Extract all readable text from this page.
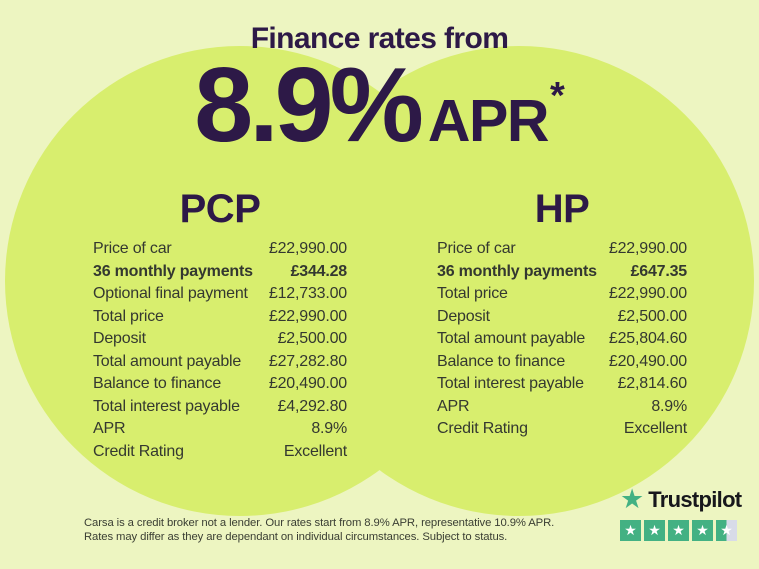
Finance rates from
8.9% APR *
PCP
Price of car	£22,990.00
36 monthly payments £344.28
Optional final payment £12,733.00
Total price	£22,990.00
Deposit	£2,500.00
Total amount payable £27,282.80
Balance to finance	£20,490.00
Total interest payable £4,292.80
APR	8.9%
Credit Rating	Excellent
HP
Price of car	£22,990.00
36 monthly payments £647.35
Total price	£22,990.00
Deposit	£2,500.00
Total amount payable £25,804.60
Balance to finance	£20,490.00
Total interest payable £2,814.60
APR	8.9%
Credit Rating	Excellent
Carsa is a credit broker not a lender. Our rates start from 8.9% APR, representative 10.9% APR.
Rates may differ as they are dependant on individual circumstances. Subject to status.
★ Trustpilot
★ ★ ★ ★ ★
